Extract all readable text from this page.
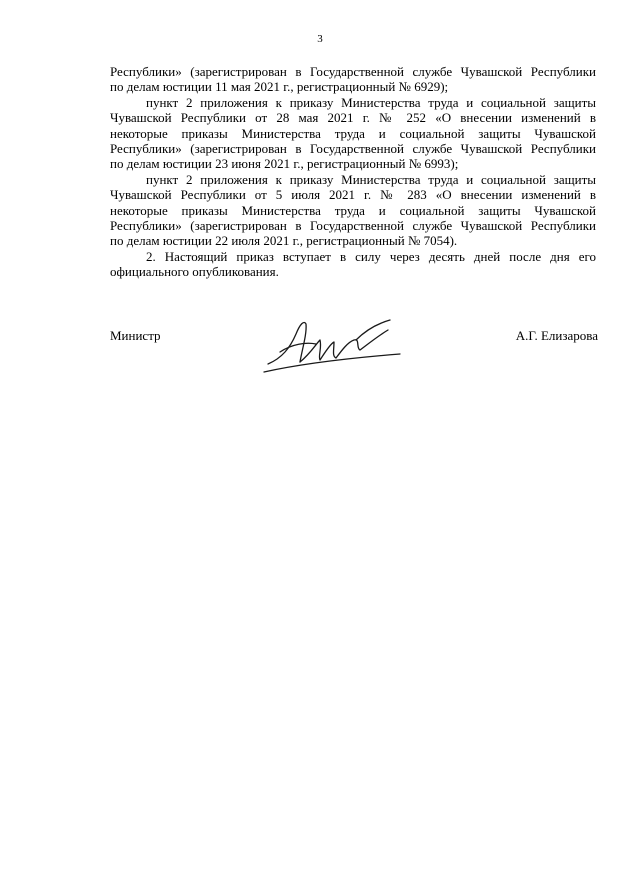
3

Республики» (зарегистрирован в Государственной службе Чувашской Республики
по делам юстиции 11 мая 2021 г., регистрационный № 6929);

пункт 2 приложения к приказу Министерства труда и социальной защиты
Чувашской Республики от 28 мая 2021 г. № 252 «О внесении изменений в
некоторые приказы Министерства труда и социальной защиты Чувашской
Республики» (зарегистрирован в Государственной службе Чувашской Республики
по делам юстиции 23 июня 2021 г., регистрационный № 6993);

пункт 2 приложения к приказу Министерства труда и социальной защиты
Чувашской Республики от 5 июля 2021 г. № 283 «О внесении изменений в
некоторые приказы Министерства труда и социальной защиты Чувашской
Республики» (зарегистрирован в Государственной службе Чувашской Республики
по делам юстиции 22 июля 2021 г., регистрационный № 7054).

2. Настоящий приказ вступает в силу через десять дней после дня его
официального опубликования.

Министр	А.Г. Елизарова
